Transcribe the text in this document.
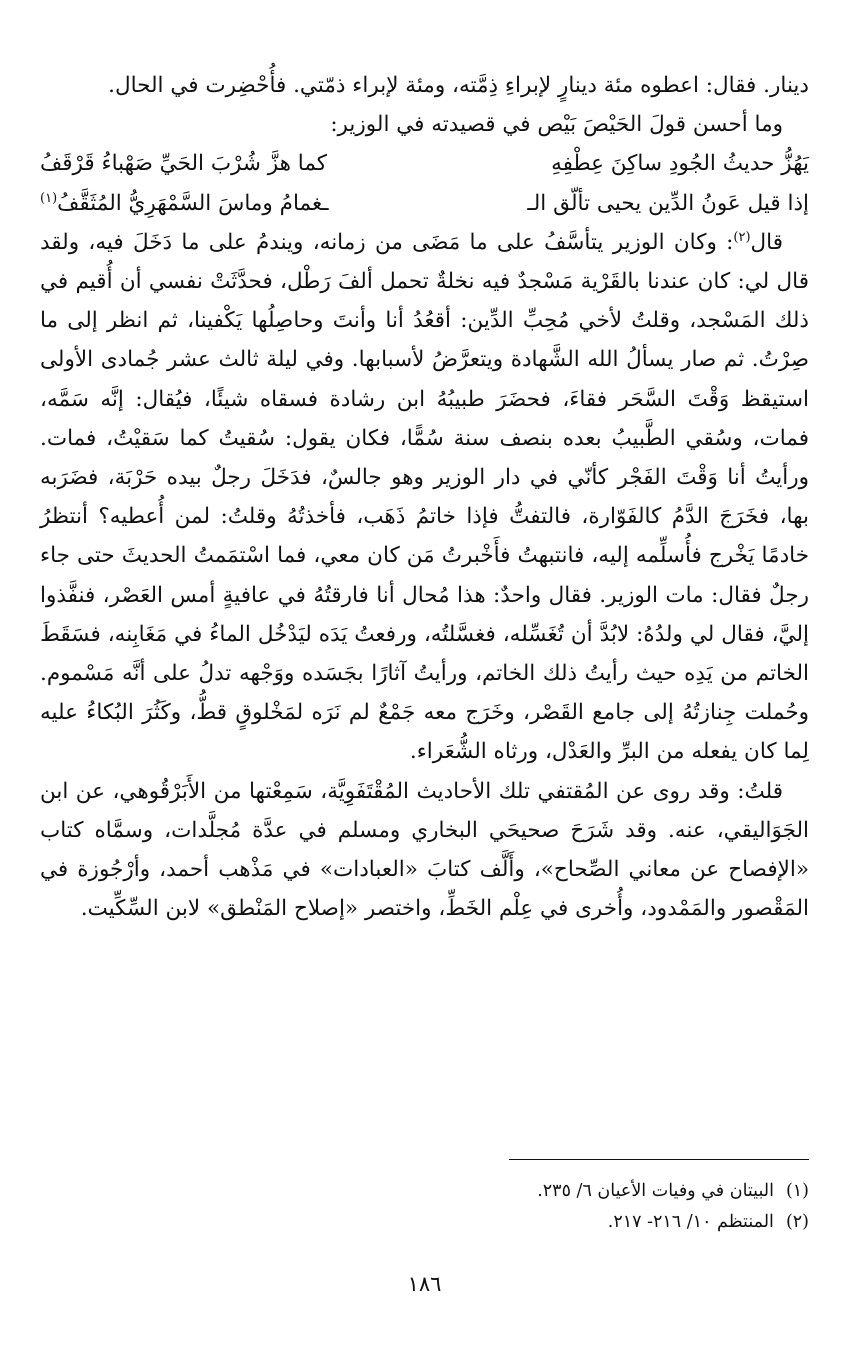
دينار. فقال: اعطوه مئة دينارٍ لإبراءِ ذِمَّته، ومئة لإبراء ذمّتي. فأُحْضِرت في الحال.

وما أحسن قولَ الحَيْصَ بَيْص في قصيدته في الوزير:

يَهُزُّ حديثُ الجُودِ ساكِنَ عِطْفِهِ
كما هزَّ شُرْبَ الحَيِّ صَهْباءُ قَرْقَفُ
إذا قيل عَونُ الدِّين يحيى تألّق الـ
ـغمامُ وماسَ السَّمْهَرِيُّ المُثَقَّفُ$^{(١)}$

قال$^{(٢)}$: وكان الوزير يتأسَّفُ على ما مَضَى من زمانه، ويندمُ على ما دَخَلَ فيه، ولقد قال لي: كان عندنا بالقَرْية مَسْجدٌ فيه نخلةٌ تحمل ألفَ رَطْل، فحدَّثَتْ نفسي أن أُقيم في ذلك المَسْجد، وقلتُ لأخي مُحِبِّ الدِّين: أقعُدُ أنا وأنتَ وحاصِلُها يَكْفينا، ثم انظر إلى ما صِرْتُ. ثم صار يسألُ الله الشَّهادة ويتعرَّضُ لأسبابها. وفي ليلة ثالث عشر جُمادى الأولى استيقظ وَقْتَ السَّحَر فقاءَ، فحضَرَ طبيبُهُ ابن رشادة فسقاه شيئًا، فيُقال: إنَّه سَمَّه، فمات، وسُقي الطَّبيبُ بعده بنصف سنة سُمًّا، فكان يقول: سُقيتُ كما سَقيْتُ، فمات. ورأيتُ أنا وَقْتَ الفَجْر كأنّي في دار الوزير وهو جالسٌ، فدَخَلَ رجلٌ بيده حَرْبَة، فضَرَبه بها، فخَرَجَ الدَّمُ كالفَوّارة، فالتفتُّ فإذا خاتمُ ذَهَب، فأخذتُهُ وقلتُ: لمن أُعطيه؟ أنتظرُ خادمًا يَخْرج فأُسلِّمه إليه، فانتبهتُ فأَخْبرتُ مَن كان معي، فما اسْتمَمتُ الحديثَ حتى جاء رجلٌ فقال: مات الوزير. فقال واحدٌ: هذا مُحال أنا فارقتُهُ في عافيةٍ أمس العَصْر، فنفَّذوا إليَّ، فقال لي ولدُهُ: لابُدَّ أن تُغَسِّله، فغسَّلتُه، ورفعتُ يَدَه ليَدْخُل الماءُ في مَغَابِنه، فسَقَطَ الخاتم من يَدِه حيث رأيتُ ذلك الخاتم، ورأيتُ آثارًا بجَسَده ووَجْهه تدلُ على أنَّه مَسْموم. وحُملت جِنازتُهُ إلى جامع القَصْر، وخَرَج معه جَمْعٌ لم نَرَه لمَخْلوقٍ قطُّ، وكَثُرَ البُكاءُ عليه لِما كان يفعله من البرِّ والعَدْل، ورثاه الشُّعَراء.

قلتُ: وقد روى عن المُقتفي تلك الأحاديث المُقْتَفَوِيَّة، سَمِعْتها من الأَبَرْقُوهي، عن ابن الجَوَاليقي، عنه. وقد شَرَحَ صحيحَي البخاري ومسلم في عدَّة مُجلَّدات، وسمَّاه كتاب «الإفصاح عن معاني الصِّحاح»، وأَلَّف كتابَ «العبادات» في مَذْهب أحمد، وأرْجُوزة في المَقْصور والمَمْدود، وأُخرى في عِلْم الخَطِّ، واختصر «إصلاح المَنْطق» لابن السِّكِّيت.

(١)
البيتان في وفيات الأعيان ٦/ ٢٣٥.
(٢)
المنتظم ١٠/ ٢١٦- ٢١٧.
١٨٦
